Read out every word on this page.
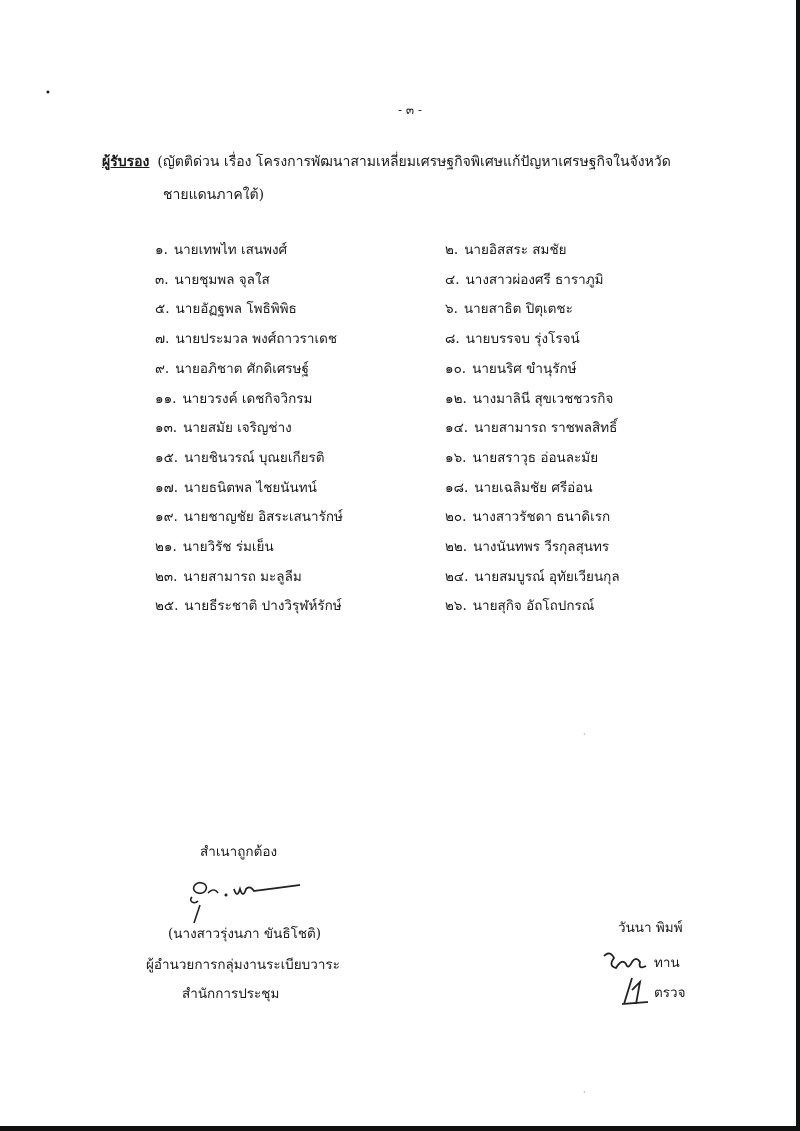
•
- ๓ -
ผู้รับรอง (ญัตติด่วน เรื่อง โครงการพัฒนาสามเหลี่ยมเศรษฐกิจพิเศษแก้ปัญหาเศรษฐกิจในจังหวัด
ชายแดนภาคใต้)
๑. นายเทพไท เสนพงศ์	๒. นายอิสสระ สมชัย
๓. นายชุมพล จุลใส	๔. นางสาวผ่องศรี ธาราภูมิ
๕. นายอัฏฐพล โพธิพิพิธ	๖. นายสาธิต ปิตุเตชะ
๗. นายประมวล พงศ์ถาวราเดช	๘. นายบรรจบ รุ่งโรจน์
๙. นายอภิชาต ศักดิเศรษฐ์	๑๐. นายนริศ ขำนุรักษ์
๑๑. นายวรงค์ เดชกิจวิกรม	๑๒. นางมาลินี สุขเวชชวรกิจ
๑๓. นายสมัย เจริญช่าง	๑๔. นายสามารถ ราชพลสิทธิ์
๑๕. นายชินวรณ์ บุณยเกียรติ	๑๖. นายสราวุธ อ่อนละมัย
๑๗. นายธนิตพล ไชยนันทน์	๑๘. นายเฉลิมชัย ศรีอ่อน
๑๙. นายชาญชัย อิสระเสนารักษ์	๒๐. นางสาวรัชดา ธนาดิเรก
๒๑. นายวิรัช ร่มเย็น	๒๒. นางนันทพร วีรกุลสุนทร
๒๓. นายสามารถ มะลูลีม	๒๔. นายสมบูรณ์ อุทัยเวียนกุล
๒๕. นายธีระชาติ ปางวิรุฬห์รักษ์	๒๖. นายสุกิจ อัถโถปกรณ์
·
·
สำเนาถูกต้อง
(นางสาวรุ่งนภา ขันธิโชติ)
ผู้อำนวยการกลุ่มงานระเบียบวาระ
สำนักการประชุม
วันนา พิมพ์
ทาน
ตรวจ
